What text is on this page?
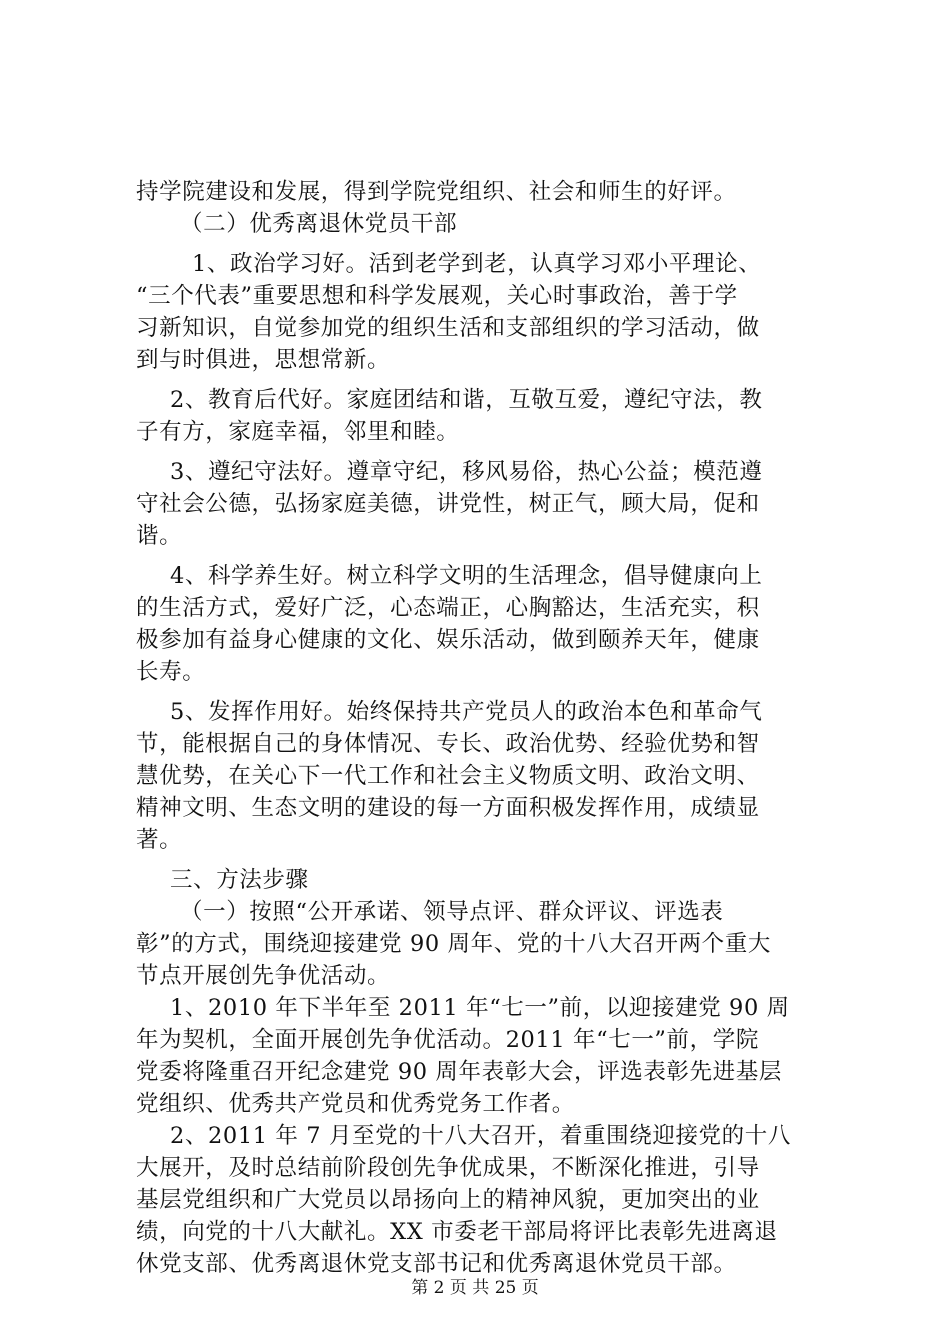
持学院建设和发展，得到学院党组织、社会和师生的好评。
（二）优秀离退休党员干部
1、政治学习好。活到老学到老，认真学习邓小平理论、
“三个代表”重要思想和科学发展观，关心时事政治，善于学
习新知识，自觉参加党的组织生活和支部组织的学习活动，做
到与时俱进，思想常新。
2、教育后代好。家庭团结和谐，互敬互爱，遵纪守法，教
子有方，家庭幸福，邻里和睦。
3、遵纪守法好。遵章守纪，移风易俗，热心公益；模范遵
守社会公德，弘扬家庭美德，讲党性，树正气，顾大局，促和
谐。
4、科学养生好。树立科学文明的生活理念，倡导健康向上
的生活方式，爱好广泛，心态端正，心胸豁达，生活充实，积
极参加有益身心健康的文化、娱乐活动，做到颐养天年，健康
长寿。
5、发挥作用好。始终保持共产党员人的政治本色和革命气
节，能根据自己的身体情况、专长、政治优势、经验优势和智
慧优势，在关心下一代工作和社会主义物质文明、政治文明、
精神文明、生态文明的建设的每一方面积极发挥作用，成绩显
著。
三、方法步骤
（一）按照“公开承诺、领导点评、群众评议、评选表
彰”的方式，围绕迎接建党 90 周年、党的十八大召开两个重大
节点开展创先争优活动。
1、2010 年下半年至 2011 年“七一”前，以迎接建党 90 周
年为契机，全面开展创先争优活动。2011 年“七一”前，学院
党委将隆重召开纪念建党 90 周年表彰大会，评选表彰先进基层
党组织、优秀共产党员和优秀党务工作者。
2、2011 年 7 月至党的十八大召开，着重围绕迎接党的十八
大展开，及时总结前阶段创先争优成果，不断深化推进，引导
基层党组织和广大党员以昂扬向上的精神风貌，更加突出的业
绩，向党的十八大献礼。XX 市委老干部局将评比表彰先进离退
休党支部、优秀离退休党支部书记和优秀离退休党员干部。
第 2 页 共 25 页
